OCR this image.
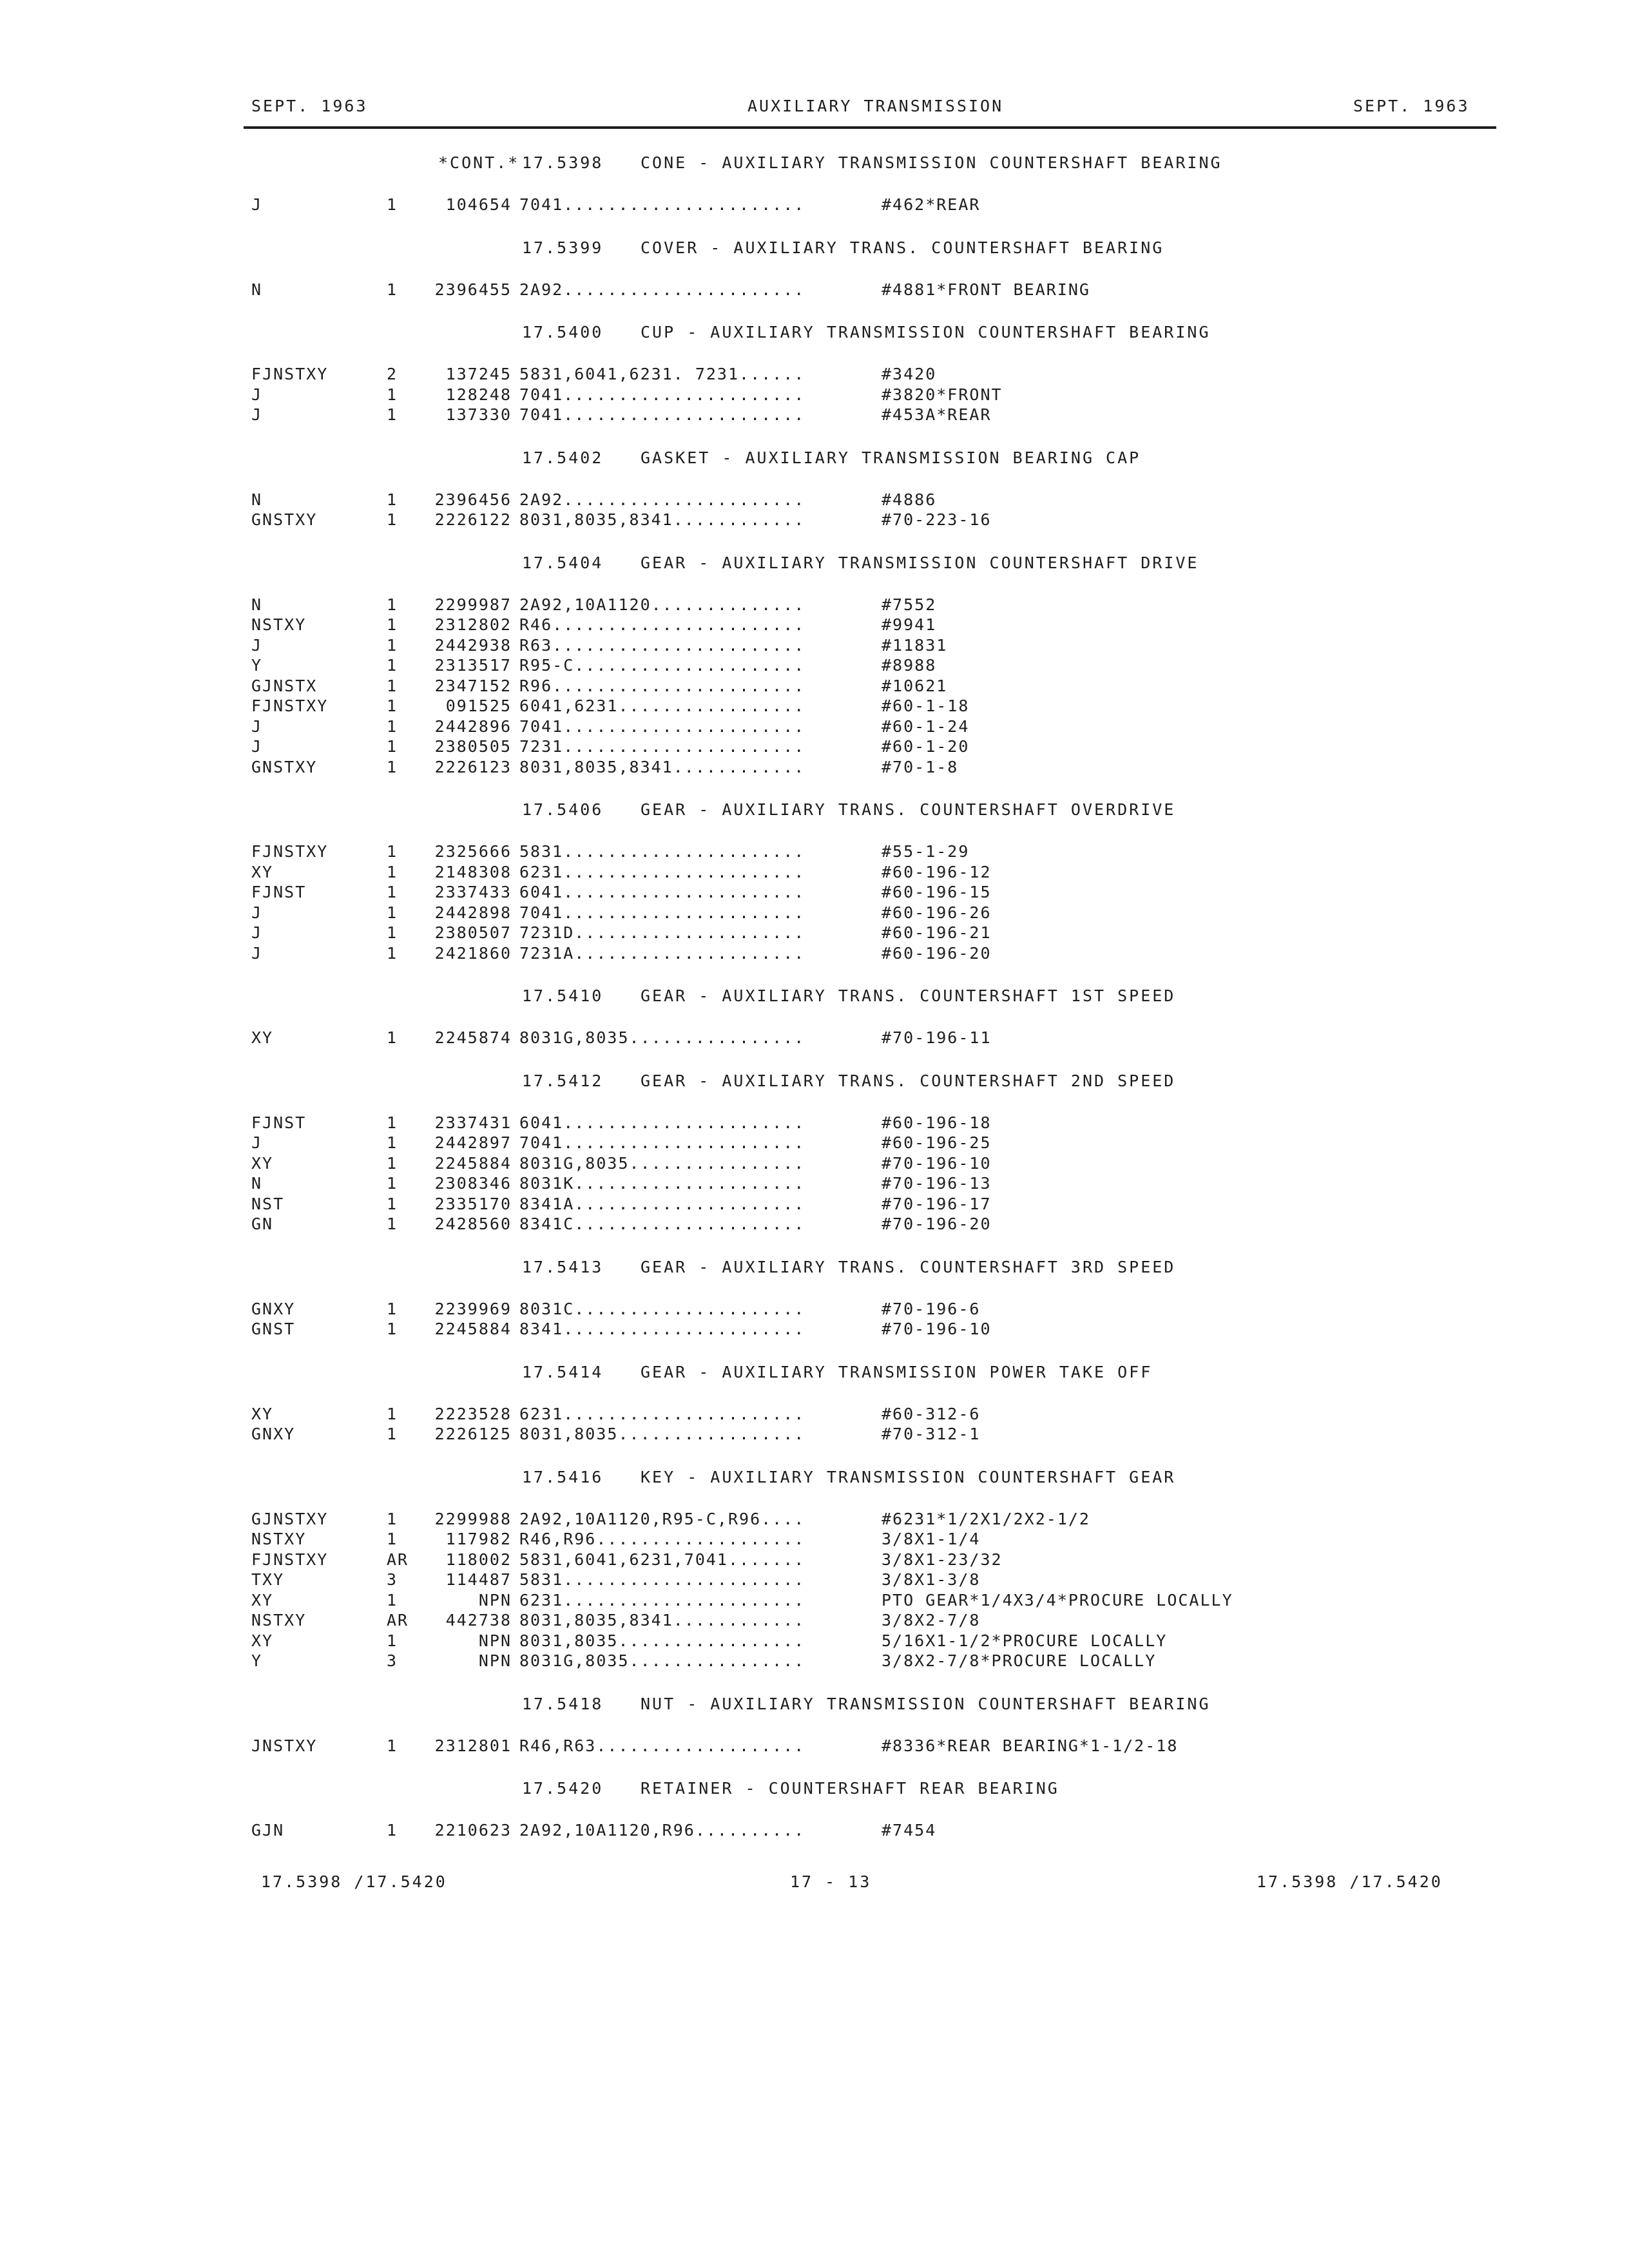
SEPT. 1963	AUXILIARY TRANSMISSION	SEPT. 1963
*CONT.* 17.5398 CONE - AUXILIARY TRANSMISSION COUNTERSHAFT BEARING
J	1	104654 7041......................	#462*REAR
17.5399 COVER - AUXILIARY TRANS. COUNTERSHAFT BEARING
N	1 2396455 2A92......................	#4881*FRONT BEARING
17.5400 CUP - AUXILIARY TRANSMISSION COUNTERSHAFT BEARING
FJNSTXY	2	137245 5831,6041,6231. 7231......	#3420
J	1	128248 7041......................	#3820*FRONT
J	1	137330 7041......................	#453A*REAR
17.5402 GASKET - AUXILIARY TRANSMISSION BEARING CAP
N	1 2396456 2A92......................	#4886
GNSTXY	1 2226122 8031,8035,8341............	#70-223-16
17.5404 GEAR - AUXILIARY TRANSMISSION COUNTERSHAFT DRIVE
N	1 2299987 2A92,10A1120..............	#7552
NSTXY	1 2312802 R46.......................	#9941
J	1 2442938 R63.......................	#11831
Y	1 2313517 R95-C.....................	#8988
GJNSTX	1 2347152 R96.......................	#10621
FJNSTXY	1	091525 6041,6231.................	#60-1-18
J	1 2442896 7041......................	#60-1-24
J	1 2380505 7231......................	#60-1-20
GNSTXY	1 2226123 8031,8035,8341............	#70-1-8
17.5406 GEAR - AUXILIARY TRANS. COUNTERSHAFT OVERDRIVE
FJNSTXY	1 2325666 5831......................	#55-1-29
XY	1 2148308 6231......................	#60-196-12
FJNST	1 2337433 6041......................	#60-196-15
J	1 2442898 7041......................	#60-196-26
J	1 2380507 7231D.....................	#60-196-21
J	1 2421860 7231A.....................	#60-196-20
17.5410 GEAR - AUXILIARY TRANS. COUNTERSHAFT 1ST SPEED
XY	1 2245874 8031G,8035................	#70-196-11
17.5412 GEAR - AUXILIARY TRANS. COUNTERSHAFT 2ND SPEED
FJNST	1 2337431 6041......................	#60-196-18
J	1 2442897 7041......................	#60-196-25
XY	1 2245884 8031G,8035................	#70-196-10
N	1 2308346 8031K.....................	#70-196-13
NST	1 2335170 8341A.....................	#70-196-17
GN	1 2428560 8341C.....................	#70-196-20
17.5413 GEAR - AUXILIARY TRANS. COUNTERSHAFT 3RD SPEED
GNXY	1 2239969 8031C.....................	#70-196-6
GNST	1 2245884 8341......................	#70-196-10
17.5414 GEAR - AUXILIARY TRANSMISSION POWER TAKE OFF
XY	1 2223528 6231......................	#60-312-6
GNXY	1 2226125 8031,8035.................	#70-312-1
17.5416 KEY - AUXILIARY TRANSMISSION COUNTERSHAFT GEAR
GJNSTXY	1 2299988 2A92,10A1120,R95-C,R96....	#6231*1/2X1/2X2-1/2
NSTXY	1	117982 R46,R96...................	3/8X1-1/4
FJNSTXY	AR 118002 5831,6041,6231,7041.......	3/8X1-23/32
TXY	3	114487 5831......................	3/8X1-3/8
XY	1	NPN 6231......................	PTO GEAR*1/4X3/4*PROCURE LOCALLY
NSTXY	AR 442738 8031,8035,8341............	3/8X2-7/8
XY	1	NPN 8031,8035.................	5/16X1-1/2*PROCURE LOCALLY
Y	3	NPN 8031G,8035................	3/8X2-7/8*PROCURE LOCALLY
17.5418 NUT - AUXILIARY TRANSMISSION COUNTERSHAFT BEARING
JNSTXY	1 2312801 R46,R63...................	#8336*REAR BEARING*1-1/2-18
17.5420 RETAINER - COUNTERSHAFT REAR BEARING
GJN	1 2210623 2A92,10A1120,R96..........	#7454
17.5398 /17.5420	17 - 13	17.5398 /17.5420
